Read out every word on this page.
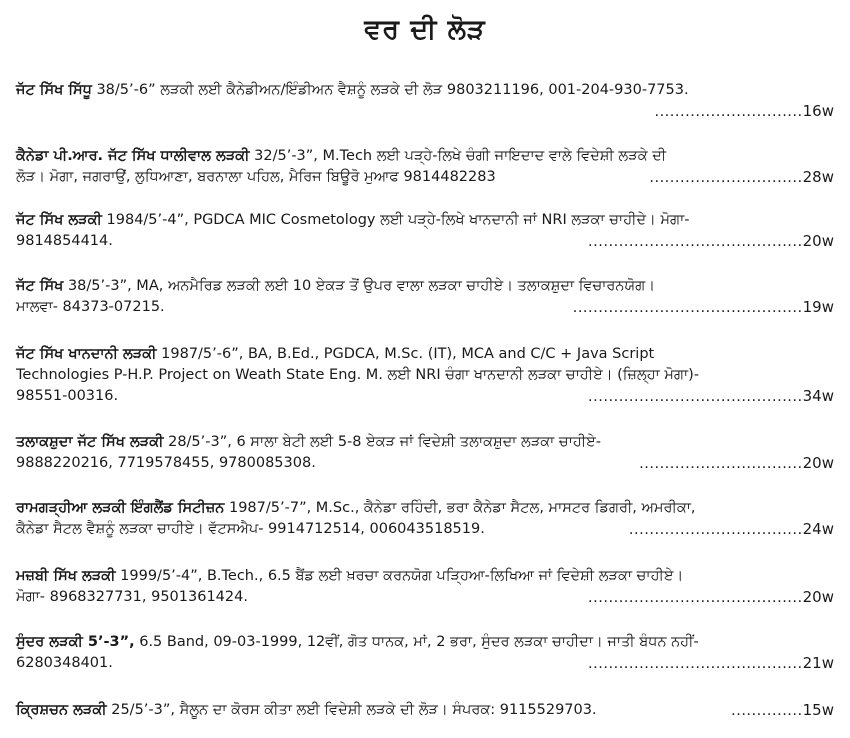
ਵਰ ਦੀ ਲੋੜ
ਜੱਟ ਸਿੱਖ ਸਿੱਧੂ 38/5’-6” ਲੜਕੀ ਲਈ ਕੈਨੇਡੀਅਨ/ਇੰਡੀਅਨ ਵੈਸ਼ਨੂੰ ਲੜਕੇ ਦੀ ਲੋੜ 9803211196, 001-204-930-7753.
.............................16w
ਕੈਨੇਡਾ ਪੀ.ਆਰ. ਜੱਟ ਸਿੱਖ ਧਾਲੀਵਾਲ ਲੜਕੀ 32/5’-3”, M.Tech ਲਈ ਪੜ੍ਹੇ-ਲਿਖੇ ਚੰਗੀ ਜਾਇਦਾਦ ਵਾਲੇ ਵਿਦੇਸ਼ੀ ਲੜਕੇ ਦੀ
ਲੋੜ। ਮੋਗਾ, ਜਗਰਾਉਂ, ਲੁਧਿਆਣਾ, ਬਰਨਾਲਾ ਪਹਿਲ, ਮੈਰਿਜ ਬਿਊਰੋ ਮੁਆਫ 9814482283	..............................28w
ਜੱਟ ਸਿੱਖ ਲੜਕੀ 1984/5’-4”, PGDCA MIC Cosmetology ਲਈ ਪੜ੍ਹੇ-ਲਿਖੇ ਖਾਨਦਾਨੀ ਜਾਂ NRI ਲੜਕਾ ਚਾਹੀਦੇ। ਮੋਗਾ-
9814854414.	..........................................20w
ਜੱਟ ਸਿੱਖ 38/5’-3”, MA, ਅਨਮੈਰਿਡ ਲੜਕੀ ਲਈ 10 ਏਕੜ ਤੋਂ ਉਪਰ ਵਾਲਾ ਲੜਕਾ ਚਾਹੀਏ। ਤਲਾਕਸ਼ੁਦਾ ਵਿਚਾਰਨਯੋਗ।
ਮਾਲਵਾ- 84373-07215.	.............................................19w
ਜੱਟ ਸਿੱਖ ਖਾਨਦਾਨੀ ਲੜਕੀ 1987/5’-6”, BA, B.Ed., PGDCA, M.Sc. (IT), MCA and C/C + Java Script
Technologies P-H.P. Project on Weath State Eng. M. ਲਈ NRI ਚੰਗਾ ਖਾਨਦਾਨੀ ਲੜਕਾ ਚਾਹੀਏ। (ਜ਼ਿਲ੍ਹਾ ਮੋਗਾ)-
98551-00316.	..........................................34w
ਤਲਾਕਸ਼ੁਦਾ ਜੱਟ ਸਿੱਖ ਲੜਕੀ 28/5’-3”, 6 ਸਾਲਾ ਬੇਟੀ ਲਈ 5-8 ਏਕੜ ਜਾਂ ਵਿਦੇਸ਼ੀ ਤਲਾਕਸ਼ੁਦਾ ਲੜਕਾ ਚਾਹੀਏ-
9888220216, 7719578455, 9780085308.	................................20w
ਰਾਮਗੜ੍ਹੀਆ ਲੜਕੀ ਇੰਗਲੈਂਡ ਸਿਟੀਜ਼ਨ 1987/5’-7”, M.Sc., ਕੈਨੇਡਾ ਰਹਿੰਦੀ, ਭਰਾ ਕੈਨੇਡਾ ਸੈਟਲ, ਮਾਸਟਰ ਡਿਗਰੀ, ਅਮਰੀਕਾ,
ਕੈਨੇਡਾ ਸੈਟਲ ਵੈਸ਼ਨੂੰ ਲੜਕਾ ਚਾਹੀਏ। ਵੱਟਸਐਪ- 9914712514, 006043518519.	..................................24w
ਮਜ਼ਬੀ ਸਿੱਖ ਲੜਕੀ 1999/5’-4”, B.Tech., 6.5 ਬੈਂਡ ਲਈ ਖ਼ਰਚਾ ਕਰਨਯੋਗ ਪੜ੍ਹਿਆ-ਲਿਖਿਆ ਜਾਂ ਵਿਦੇਸ਼ੀ ਲੜਕਾ ਚਾਹੀਏ।
ਮੋਗਾ- 8968327731, 9501361424.	..........................................20w
ਸੁੰਦਰ ਲੜਕੀ 5’-3”, 6.5 Band, 09-03-1999, 12ਵੀਂ, ਗੋਤ ਧਾਨਕ, ਮਾਂ, 2 ਭਰਾ, ਸੁੰਦਰ ਲੜਕਾ ਚਾਹੀਦਾ। ਜਾਤੀ ਬੰਧਨ ਨਹੀਂ-
6280348401.	..........................................21w
ਕ੍ਰਿਸ਼ਚਨ ਲੜਕੀ 25/5’-3”, ਸੈਲੂਨ ਦਾ ਕੋਰਸ ਕੀਤਾ ਲਈ ਵਿਦੇਸ਼ੀ ਲੜਕੇ ਦੀ ਲੋੜ। ਸੰਪਰਕ: 9115529703.	..............15w
